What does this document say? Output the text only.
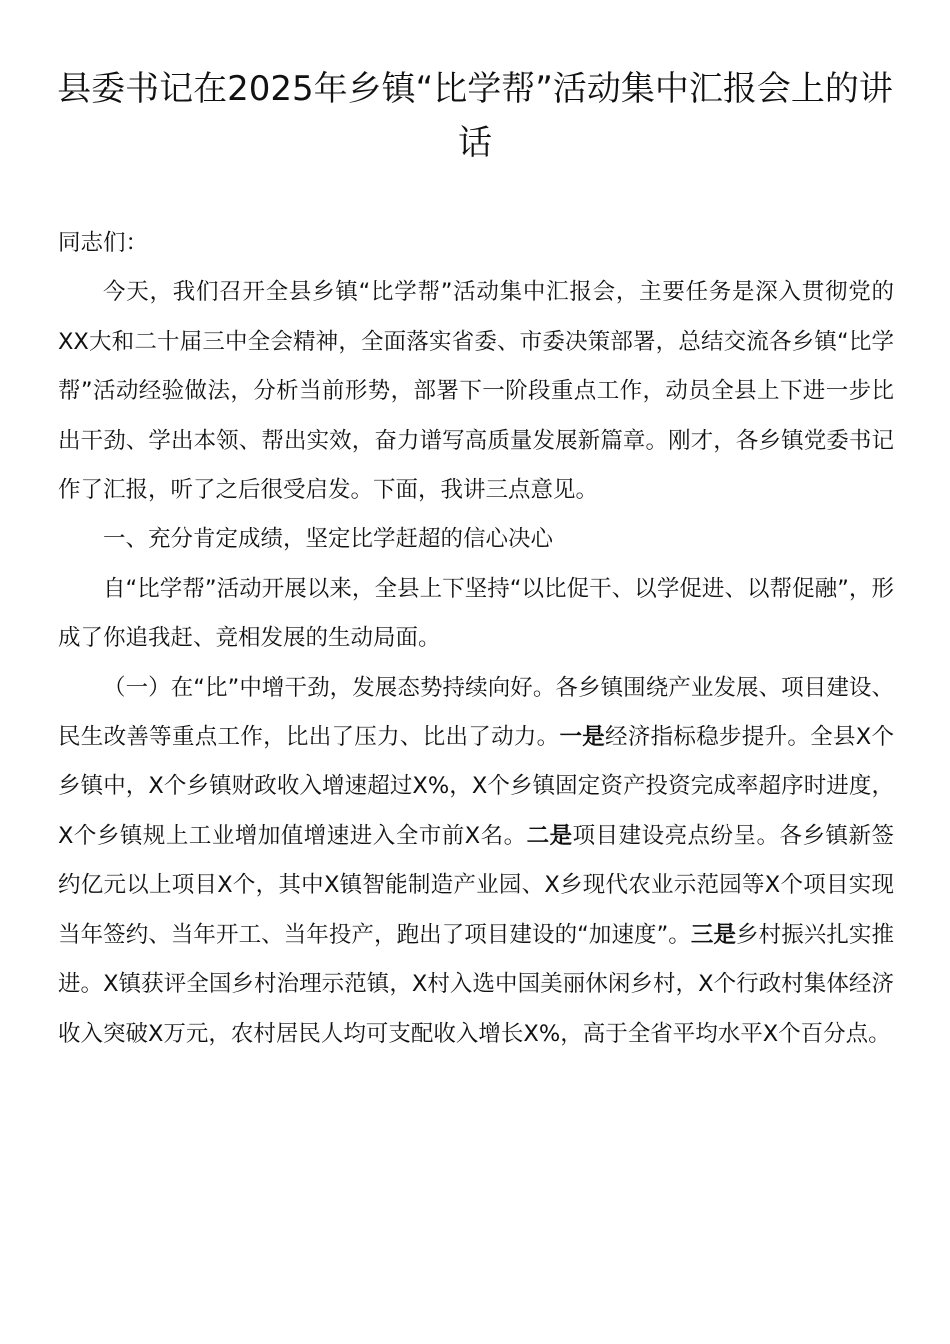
县委书记在2025年乡镇“比学帮”活动集中汇报会上的讲话

同志们：

今天，我们召开全县乡镇“比学帮”活动集中汇报会，主要任务是深入贯彻党的XX大和二十届三中全会精神，全面落实省委、市委决策部署，总结交流各乡镇“比学帮”活动经验做法，分析当前形势，部署下一阶段重点工作，动员全县上下进一步比出干劲、学出本领、帮出实效，奋力谱写高质量发展新篇章。刚才，各乡镇党委书记作了汇报，听了之后很受启发。下面，我讲三点意见。

一、充分肯定成绩，坚定比学赶超的信心决心

自“比学帮”活动开展以来，全县上下坚持“以比促干、以学促进、以帮促融”，形成了你追我赶、竞相发展的生动局面。

（一）在“比”中增干劲，发展态势持续向好。各乡镇围绕产业发展、项目建设、民生改善等重点工作，比出了压力、比出了动力。一是经济指标稳步提升。全县X个乡镇中，X个乡镇财政收入增速超过X%，X个乡镇固定资产投资完成率超序时进度，X个乡镇规上工业增加值增速进入全市前X名。二是项目建设亮点纷呈。各乡镇新签约亿元以上项目X个，其中X镇智能制造产业园、X乡现代农业示范园等X个项目实现当年签约、当年开工、当年投产，跑出了项目建设的“加速度”。三是乡村振兴扎实推进。X镇获评全国乡村治理示范镇，X村入选中国美丽休闲乡村，X个行政村集体经济收入突破X万元，农村居民人均可支配收入增长X%，高于全省平均水平X个百分点。
